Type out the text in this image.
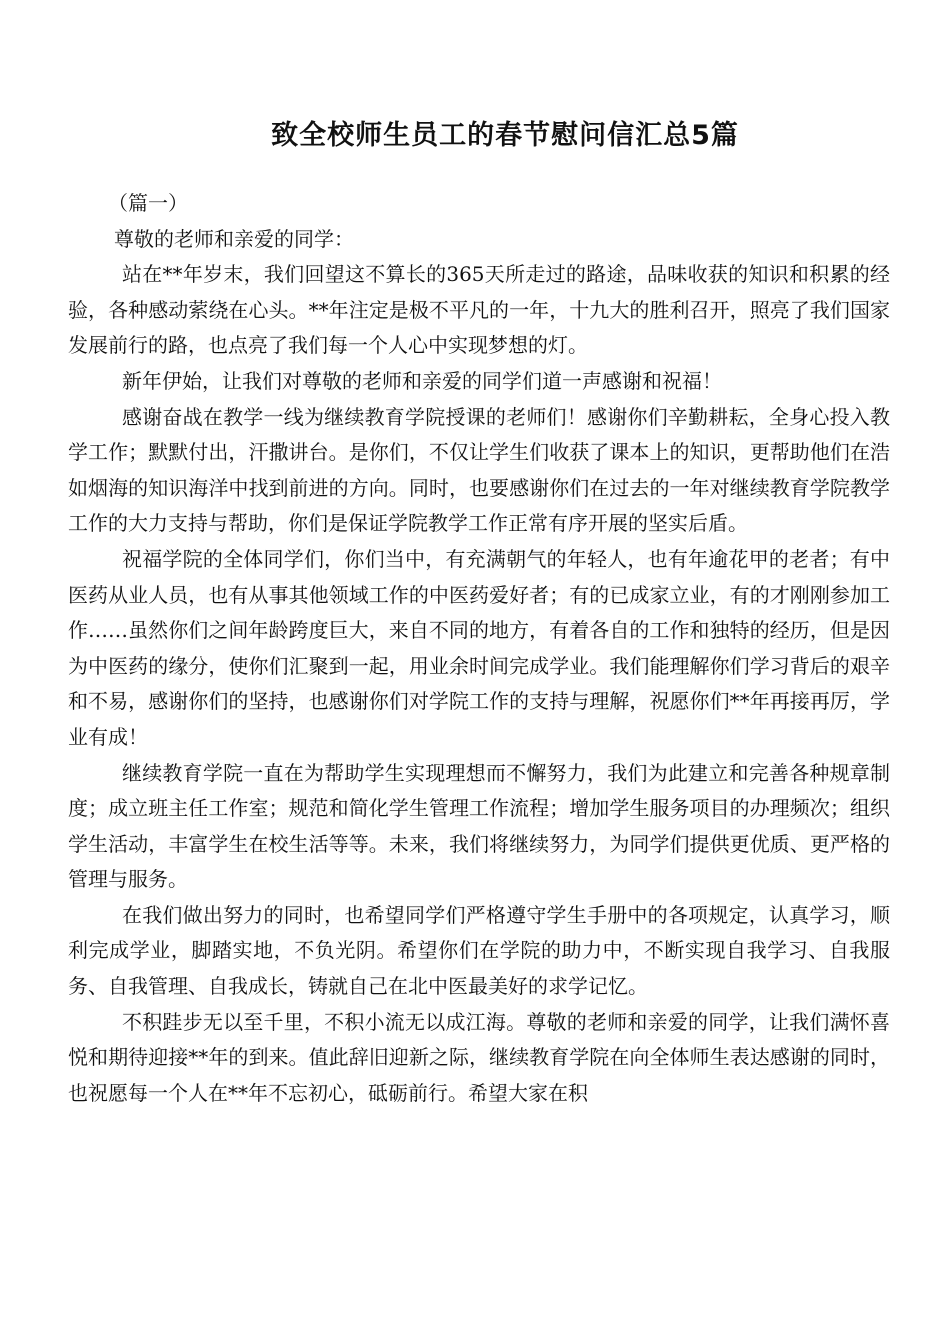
致全校师生员工的春节慰问信汇总5篇

（篇一）

尊敬的老师和亲爱的同学：

站在**年岁末，我们回望这不算长的365天所走过的路途，品味收获的知识和积累的经验，各种感动萦绕在心头。**年注定是极不平凡的一年，十九大的胜利召开，照亮了我们国家发展前行的路，也点亮了我们每一个人心中实现梦想的灯。

新年伊始，让我们对尊敬的老师和亲爱的同学们道一声感谢和祝福！

感谢奋战在教学一线为继续教育学院授课的老师们！感谢你们辛勤耕耘，全身心投入教学工作；默默付出，汗撒讲台。是你们，不仅让学生们收获了课本上的知识，更帮助他们在浩如烟海的知识海洋中找到前进的方向。同时，也要感谢你们在过去的一年对继续教育学院教学工作的大力支持与帮助，你们是保证学院教学工作正常有序开展的坚实后盾。

祝福学院的全体同学们，你们当中，有充满朝气的年轻人，也有年逾花甲的老者；有中医药从业人员，也有从事其他领域工作的中医药爱好者；有的已成家立业，有的才刚刚参加工作……虽然你们之间年龄跨度巨大，来自不同的地方，有着各自的工作和独特的经历，但是因为中医药的缘分，使你们汇聚到一起，用业余时间完成学业。我们能理解你们学习背后的艰辛和不易，感谢你们的坚持，也感谢你们对学院工作的支持与理解，祝愿你们**年再接再厉，学业有成！

继续教育学院一直在为帮助学生实现理想而不懈努力，我们为此建立和完善各种规章制度；成立班主任工作室；规范和简化学生管理工作流程；增加学生服务项目的办理频次；组织学生活动，丰富学生在校生活等等。未来，我们将继续努力，为同学们提供更优质、更严格的管理与服务。

在我们做出努力的同时，也希望同学们严格遵守学生手册中的各项规定，认真学习，顺利完成学业，脚踏实地，不负光阴。希望你们在学院的助力中，不断实现自我学习、自我服务、自我管理、自我成长，铸就自己在北中医最美好的求学记忆。

不积跬步无以至千里，不积小流无以成江海。尊敬的老师和亲爱的同学，让我们满怀喜悦和期待迎接**年的到来。值此辞旧迎新之际，继续教育学院在向全体师生表达感谢的同时，也祝愿每一个人在**年不忘初心，砥砺前行。希望大家在积
